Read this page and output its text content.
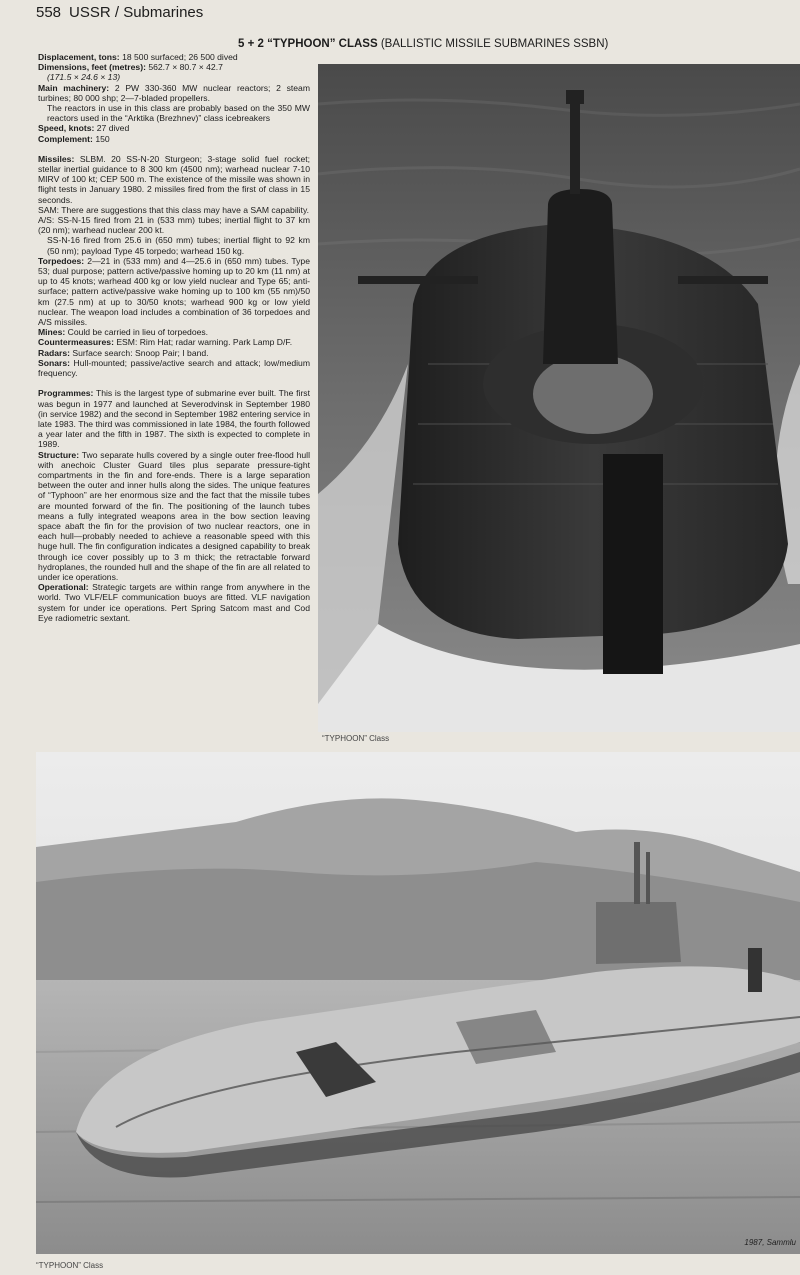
558 USSR / Submarines
5 + 2 “TYPHOON” CLASS (BALLISTIC MISSILE SUBMARINES SSBN)

Displacement, tons: 18 500 surfaced; 26 500 dived

Dimensions, feet (metres): 562.7 × 80.7 × 42.7

(171.5 × 24.6 × 13)

Main machinery: 2 PW 330-360 MW nuclear reactors; 2 steam turbines; 80 000 shp; 2—7-bladed propellers.

The reactors in use in this class are probably based on the 350 MW reactors used in the “Arktika (Brezhnev)” class icebreakers

Speed, knots: 27 dived

Complement: 150

Missiles: SLBM. 20 SS-N-20 Sturgeon; 3-stage solid fuel rocket; stellar inertial guidance to 8 300 km (4500 nm); warhead nuclear 7-10 MIRV of 100 kt; CEP 500 m. The existence of the missile was shown in flight tests in January 1980. 2 missiles fired from the first of class in 15 seconds.

SAM: There are suggestions that this class may have a SAM capability.

A/S: SS-N-15 fired from 21 in (533 mm) tubes; inertial flight to 37 km (20 nm); warhead nuclear 200 kt.

SS-N-16 fired from 25.6 in (650 mm) tubes; inertial flight to 92 km (50 nm); payload Type 45 torpedo; warhead 150 kg.

Torpedoes: 2—21 in (533 mm) and 4—25.6 in (650 mm) tubes. Type 53; dual purpose; pattern active/passive homing up to 20 km (11 nm) at up to 45 knots; warhead 400 kg or low yield nuclear and Type 65; anti-surface; pattern active/passive wake homing up to 100 km (55 nm)/50 km (27.5 nm) at up to 30/50 knots; warhead 900 kg or low yield nuclear. The weapon load includes a combination of 36 torpedoes and A/S missiles.

Mines: Could be carried in lieu of torpedoes.

Countermeasures: ESM: Rim Hat; radar warning. Park Lamp D/F.

Radars: Surface search: Snoop Pair; I band.

Sonars: Hull-mounted; passive/active search and attack; low/medium frequency.

Programmes: This is the largest type of submarine ever built. The first was begun in 1977 and launched at Severodvinsk in September 1980 (in service 1982) and the second in September 1982 entering service in late 1983. The third was commissioned in late 1984, the fourth followed a year later and the fifth in 1987. The sixth is expected to complete in 1989.

Structure: Two separate hulls covered by a single outer free-flood hull with anechoic Cluster Guard tiles plus separate pressure-tight compartments in the fin and fore-ends. There is a large separation between the outer and inner hulls along the sides. The unique features of “Typhoon” are her enormous size and the fact that the missile tubes are mounted forward of the fin. The positioning of the launch tubes means a fully integrated weapons area in the bow section leaving space abaft the fin for the provision of two nuclear reactors, one in each hull—probably needed to achieve a reasonable speed with this huge hull. The fin configuration indicates a designed capability to break through ice cover possibly up to 3 m thick; the retractable forward hydroplanes, the rounded hull and the shape of the fin are all related to under ice operations.

Operational: Strategic targets are within range from anywhere in the world. Two VLF/ELF communication buoys are fitted. VLF navigation system for under ice operations. Pert Spring Satcom mast and Cod Eye radiometric sextant.

“TYPHOON” Class
1987, Sammlu
“TYPHOON” Class
